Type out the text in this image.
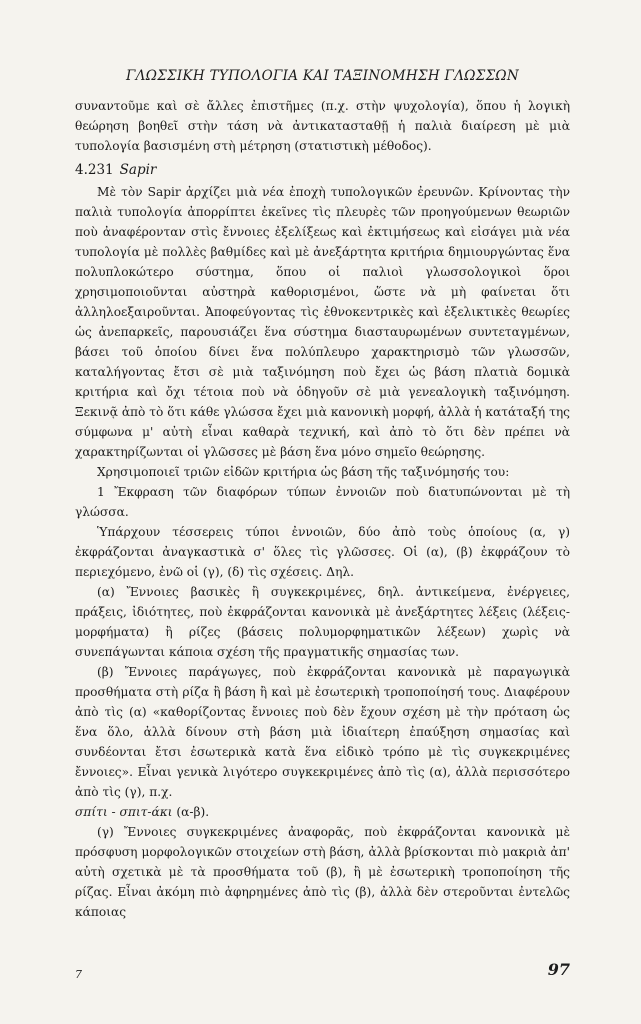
ΓΛΩΣΣΙΚΗ ΤΥΠΟΛΟΓΙΑ ΚΑΙ ΤΑΞΙΝΟΜΗΣΗ ΓΛΩΣΣΩΝ

συναντοῦμε καὶ σὲ ἄλλες ἐπιστῆμες (π.χ. στὴν ψυχολογία), ὅπου ἡ λογικὴ θεώρηση βοηθεῖ στὴν τάση νὰ ἀντικατασταθῇ ἡ παλιὰ διαίρεση μὲ μιὰ τυπολογία βασισμένη στὴ μέτρηση (στατιστικὴ μέθοδος).

4.231 Sapir

Μὲ τὸν Sapir ἀρχίζει μιὰ νέα ἐποχὴ τυπολογικῶν ἐρευνῶν. Κρίνοντας τὴν παλιὰ τυπολογία ἀπορρίπτει ἐκεῖνες τὶς πλευρὲς τῶν προηγούμενων θεωριῶν ποὺ ἀναφέρονταν στὶς ἔννοιες ἐξελίξεως καὶ ἐκτιμήσεως καὶ εἰσάγει μιὰ νέα τυπολογία μὲ πολλὲς βαθμίδες καὶ μὲ ἀνεξάρτητα κριτήρια δημιουργώντας ἕνα πολυπλοκώτερο σύστημα, ὅπου οἱ παλιοὶ γλωσσολογικοὶ ὅροι χρησιμοποιοῦνται αὐστηρὰ καθορισμένοι, ὥστε νὰ μὴ φαίνεται ὅτι ἀλληλοεξαιροῦνται. Ἀποφεύγοντας τὶς ἐθνοκεντρικὲς καὶ ἐξελικτικὲς θεωρίες ὡς ἀνεπαρκεῖς, παρουσιάζει ἕνα σύστημα διασταυρωμένων συντεταγμένων, βάσει τοῦ ὁποίου δίνει ἕνα πολύπλευρο χαρακτηρισμὸ τῶν γλωσσῶν, καταλήγοντας ἔτσι σὲ μιὰ ταξινόμηση ποὺ ἔχει ὡς βάση πλατιὰ δομικὰ κριτήρια καὶ ὄχι τέτοια ποὺ νὰ ὁδηγοῦν σὲ μιὰ γενεαλογικὴ ταξινόμηση. Ξεκινᾷ ἀπὸ τὸ ὅτι κάθε γλώσσα ἔχει μιὰ κανονικὴ μορφή, ἀλλὰ ἡ κατάταξή της σύμφωνα μ' αὐτὴ εἶναι καθαρὰ τεχνική, καὶ ἀπὸ τὸ ὅτι δὲν πρέπει νὰ χαρακτηρίζωνται οἱ γλῶσσες μὲ βάση ἕνα μόνο σημεῖο θεώρησης.

Χρησιμοποιεῖ τριῶν εἰδῶν κριτήρια ὡς βάση τῆς ταξινόμησής του:

1 Ἔκφραση τῶν διαφόρων τύπων ἐννοιῶν ποὺ διατυπώνονται μὲ τὴ γλώσσα.

Ὑπάρχουν τέσσερεις τύποι ἐννοιῶν, δύο ἀπὸ τοὺς ὁποίους (α, γ) ἐκφράζονται ἀναγκαστικὰ σ' ὅλες τὶς γλῶσσες. Οἱ (α), (β) ἐκφράζουν τὸ περιεχόμενο, ἐνῶ οἱ (γ), (δ) τὶς σχέσεις. Δηλ.

(α) Ἔννοιες βασικὲς ἢ συγκεκριμένες, δηλ. ἀντικείμενα, ἐνέργειες, πράξεις, ἰδιότητες, ποὺ ἐκφράζονται κανονικὰ μὲ ἀνεξάρτητες λέξεις (λέξεις-μορφήματα) ἢ ρίζες (βάσεις πολυμορφηματικῶν λέξεων) χωρὶς νὰ συνεπάγωνται κάποια σχέση τῆς πραγματικῆς σημασίας των.

(β) Ἔννοιες παράγωγες, ποὺ ἐκφράζονται κανονικὰ μὲ παραγωγικὰ προσθήματα στὴ ρίζα ἢ βάση ἢ καὶ μὲ ἐσωτερικὴ τροποποίησή τους. Διαφέρουν ἀπὸ τὶς (α) «καθορίζοντας ἔννοιες ποὺ δὲν ἔχουν σχέση μὲ τὴν πρόταση ὡς ἕνα ὅλο, ἀλλὰ δίνουν στὴ βάση μιὰ ἰδιαίτερη ἐπαύξηση σημασίας καὶ συνδέονται ἔτσι ἐσωτερικὰ κατὰ ἕνα εἰδικὸ τρόπο μὲ τὶς συγκεκριμένες ἔννοιες». Εἶναι γενικὰ λιγότερο συγκεκριμένες ἀπὸ τὶς (α), ἀλλὰ περισσότερο ἀπὸ τὶς (γ), π.χ.
σπίτι - σπιτ-άκι (α-β).

(γ) Ἔννοιες συγκεκριμένες ἀναφορᾶς, ποὺ ἐκφράζονται κανονικὰ μὲ πρόσφυση μορφολογικῶν στοιχείων στὴ βάση, ἀλλὰ βρίσκονται πιὸ μακριὰ ἀπ' αὐτὴ σχετικὰ μὲ τὰ προσθήματα τοῦ (β), ἢ μὲ ἐσωτερικὴ τροποποίηση τῆς ρίζας. Εἶναι ἀκόμη πιὸ ἀφηρημένες ἀπὸ τὶς (β), ἀλλὰ δὲν στεροῦνται ἐντελῶς κάποιας

7	97
